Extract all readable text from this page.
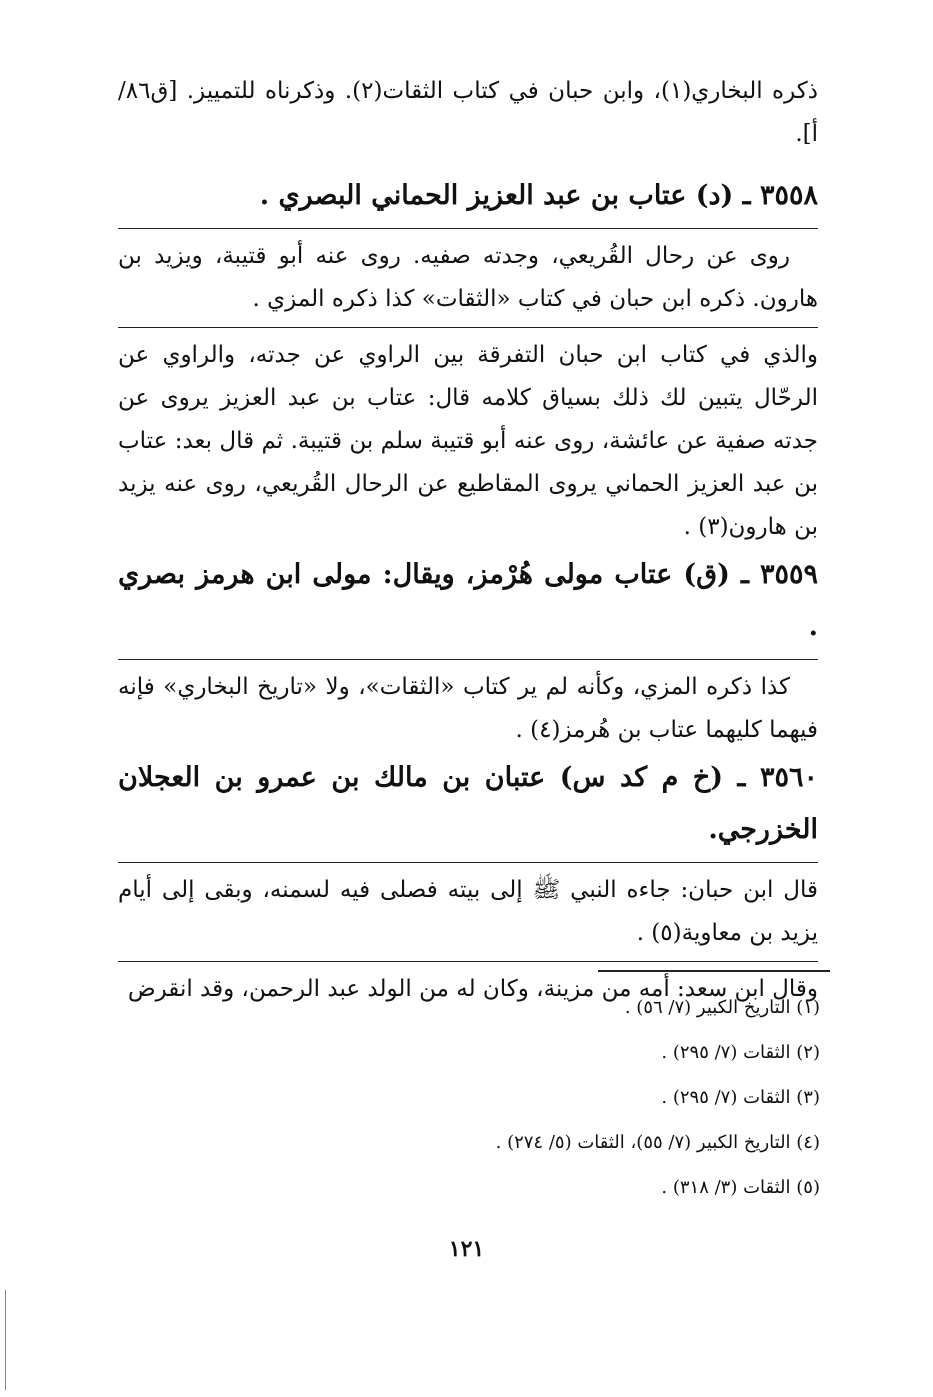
ذكره البخاري(١)، وابن حبان في كتاب الثقات(٢). وذكرناه للتمييز. [ق٨٦/أ].

٣٥٥٨ ـ (د) عتاب بن عبد العزيز الحماني البصري .

روى عن رحال القُريعي، وجدته صفيه. روى عنه أبو قتيبة، ويزيد بن هارون. ذكره ابن حبان في كتاب «الثقات» كذا ذكره المزي .

والذي في كتاب ابن حبان التفرقة بين الراوي عن جدته، والراوي عن الرحّال يتبين لك ذلك بسياق كلامه قال: عتاب بن عبد العزيز يروى عن جدته صفية عن عائشة، روى عنه أبو قتيبة سلم بن قتيبة. ثم قال بعد: عتاب بن عبد العزيز الحماني يروى المقاطيع عن الرحال القُريعي، روى عنه يزيد بن هارون(٣) .

٣٥٥٩ ـ (ق) عتاب مولى هُرْمز، ويقال: مولى ابن هرمز بصري .

كذا ذكره المزي، وكأنه لم ير كتاب «الثقات»، ولا «تاريخ البخاري» فإنه فيهما كليهما عتاب بن هُرمز(٤) .

٣٥٦٠ ـ (خ م كد س) عتبان بن مالك بن عمرو بن العجلان الخزرجي.

قال ابن حبان: جاءه النبي ﷺ إلى بيته فصلى فيه لسمنه، وبقى إلى أيام يزيد بن معاوية(٥) .

وقال ابن سعد: أمه من مزينة، وكان له من الولد عبد الرحمن، وقد انقرض

(١) التاريخ الكبير (٧/ ٥٦) .
(٢) الثقات (٧/ ٢٩٥) .
(٣) الثقات (٧/ ٢٩٥) .
(٤) التاريخ الكبير (٧/ ٥٥)، الثقات (٥/ ٢٧٤) .
(٥) الثقات (٣/ ٣١٨) .
١٢١
